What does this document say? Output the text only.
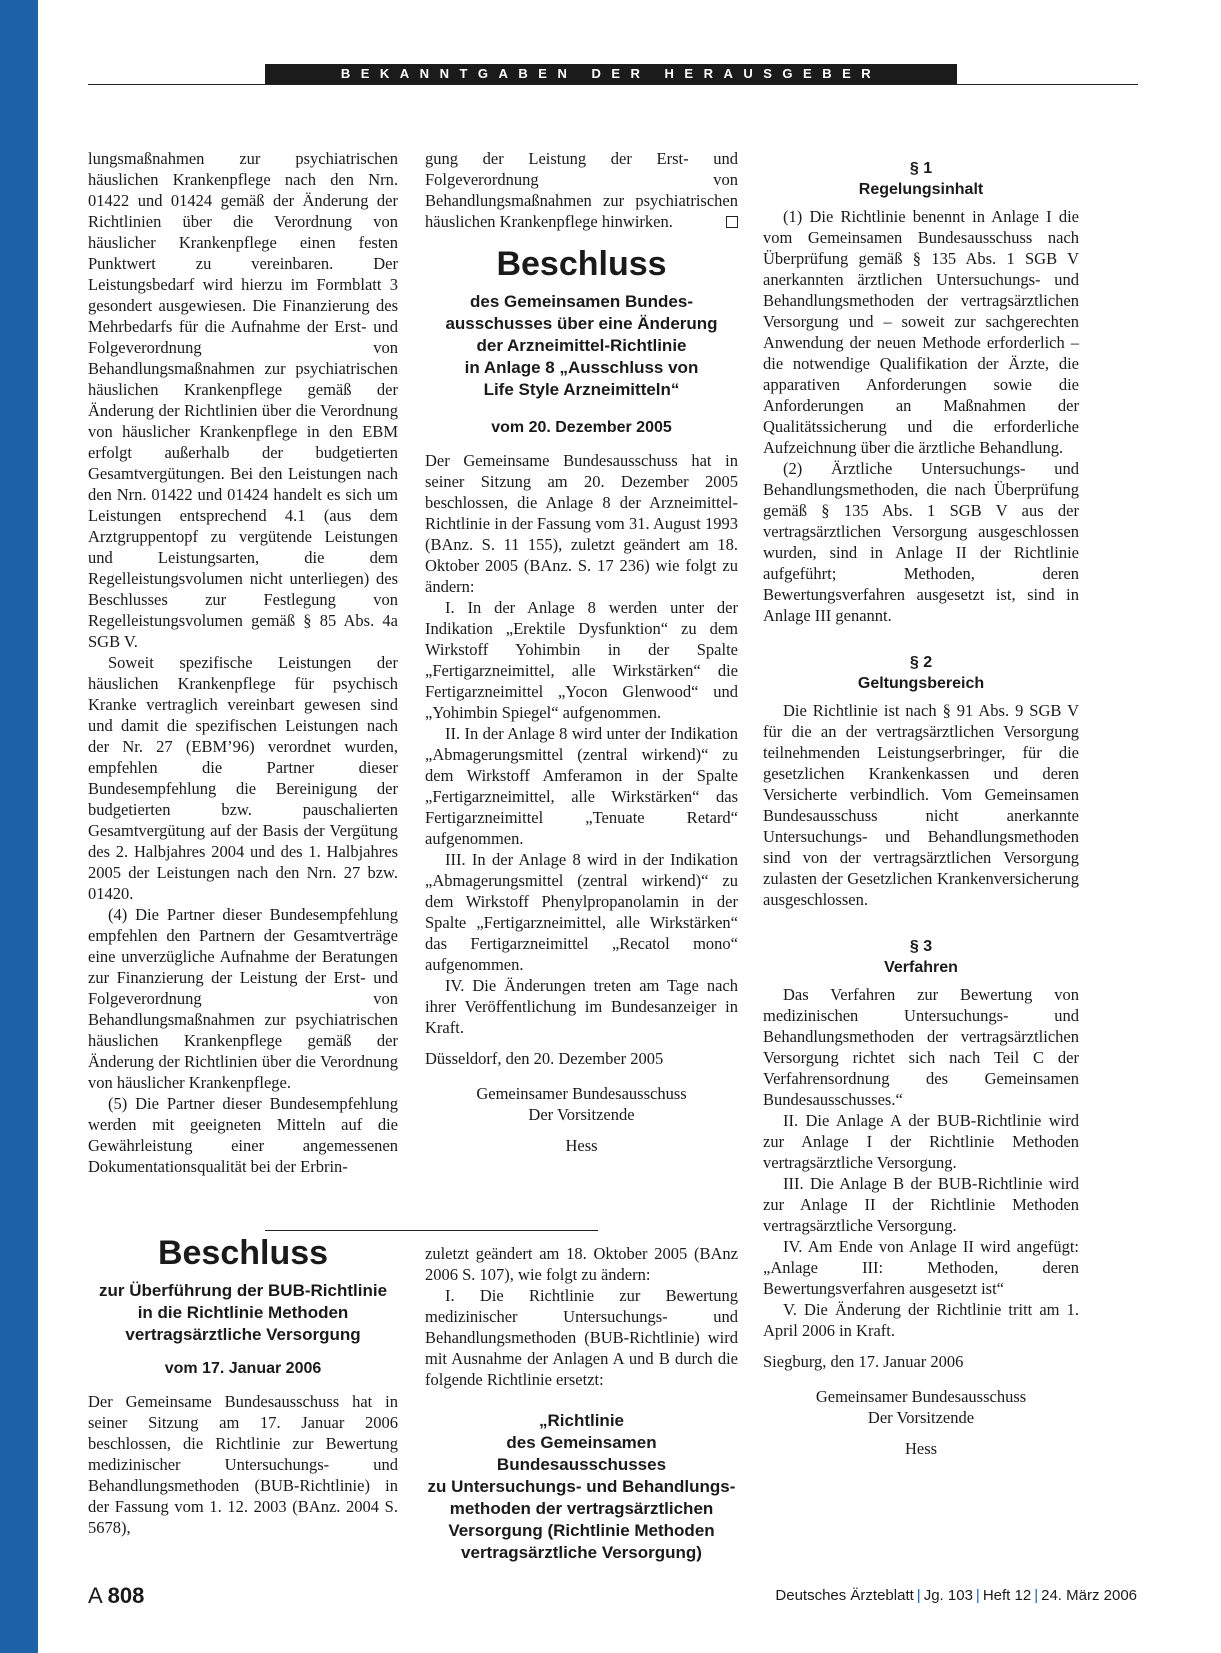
BEKANNTGABEN DER HERAUSGEBER

lungsmaßnahmen zur psychiatrischen häuslichen Krankenpflege nach den Nrn. 01422 und 01424 gemäß der Änderung der Richtlinien über die Verordnung von häuslicher Krankenpflege einen festen Punktwert zu vereinbaren. Der Leistungsbedarf wird hierzu im Formblatt 3 gesondert ausgewiesen. Die Finanzierung des Mehrbedarfs für die Aufnahme der Erst- und Folgeverordnung von Behandlungsmaßnahmen zur psychiatrischen häuslichen Krankenpflege gemäß der Änderung der Richtlinien über die Verordnung von häuslicher Krankenpflege in den EBM erfolgt außerhalb der budgetierten Gesamtvergütungen. Bei den Leistungen nach den Nrn. 01422 und 01424 handelt es sich um Leistungen entsprechend 4.1 (aus dem Arztgruppentopf zu vergütende Leistungen und Leistungsarten, die dem Regelleistungsvolumen nicht unterliegen) des Beschlusses zur Festlegung von Regelleistungsvolumen gemäß § 85 Abs. 4a SGB V.

Soweit spezifische Leistungen der häuslichen Krankenpflege für psychisch Kranke vertraglich vereinbart gewesen sind und damit die spezifischen Leistungen nach der Nr. 27 (EBM’96) verordnet wurden, empfehlen die Partner dieser Bundesempfehlung die Bereinigung der budgetierten bzw. pauschalierten Gesamtvergütung auf der Basis der Vergütung des 2. Halbjahres 2004 und des 1. Halbjahres 2005 der Leistungen nach den Nrn. 27 bzw. 01420.

(4) Die Partner dieser Bundesempfehlung empfehlen den Partnern der Gesamtverträge eine unverzügliche Aufnahme der Beratungen zur Finanzierung der Leistung der Erst- und Folgeverordnung von Behandlungsmaßnahmen zur psychiatrischen häuslichen Krankenpflege gemäß der Änderung der Richtlinien über die Verordnung von häuslicher Krankenpflege.

(5) Die Partner dieser Bundesempfehlung werden mit geeigneten Mitteln auf die Gewährleistung einer angemessenen Dokumentationsqualität bei der Erbrin-

gung der Leistung der Erst- und Folgeverordnung von Behandlungsmaßnahmen zur psychiatrischen häuslichen Krankenpflege hinwirken.

Beschluss

des Gemeinsamen Bundes-

ausschusses über eine Änderung

der Arzneimittel-Richtlinie

in Anlage 8 „Ausschluss von

Life Style Arzneimitteln“

vom 20. Dezember 2005

Der Gemeinsame Bundesausschuss hat in seiner Sitzung am 20. Dezember 2005 beschlossen, die Anlage 8 der Arzneimittel-Richtlinie in der Fassung vom 31. August 1993 (BAnz. S. 11 155), zuletzt geändert am 18. Oktober 2005 (BAnz. S. 17 236) wie folgt zu ändern:

I. In der Anlage 8 werden unter der Indikation „Erektile Dysfunktion“ zu dem Wirkstoff Yohimbin in der Spalte „Fertigarzneimittel, alle Wirkstärken“ die Fertigarzneimittel „Yocon Glenwood“ und „Yohimbin Spiegel“ aufgenommen.

II. In der Anlage 8 wird unter der Indikation „Abmagerungsmittel (zentral wirkend)“ zu dem Wirkstoff Amferamon in der Spalte „Fertigarzneimittel, alle Wirkstärken“ das Fertigarzneimittel „Tenuate Retard“ aufgenommen.

III. In der Anlage 8 wird in der Indikation „Abmagerungsmittel (zentral wirkend)“ zu dem Wirkstoff Phenylpropanolamin in der Spalte „Fertigarzneimittel, alle Wirkstärken“ das Fertigarzneimittel „Recatol mono“ aufgenommen.

IV. Die Änderungen treten am Tage nach ihrer Veröffentlichung im Bundesanzeiger in Kraft.

Düsseldorf, den 20. Dezember 2005

Gemeinsamer Bundesausschuss

Der Vorsitzende

Hess

§ 1

Regelungsinhalt

(1) Die Richtlinie benennt in Anlage I die vom Gemeinsamen Bundesausschuss nach Überprüfung gemäß § 135 Abs. 1 SGB V anerkannten ärztlichen Untersuchungs- und Behandlungsmethoden der vertragsärztlichen Versorgung und – soweit zur sachgerechten Anwendung der neuen Methode erforderlich – die notwendige Qualifikation der Ärzte, die apparativen Anforderungen sowie die Anforderungen an Maßnahmen der Qualitätssicherung und die erforderliche Aufzeichnung über die ärztliche Behandlung.

(2) Ärztliche Untersuchungs- und Behandlungsmethoden, die nach Überprüfung gemäß § 135 Abs. 1 SGB V aus der vertragsärztlichen Versorgung ausgeschlossen wurden, sind in Anlage II der Richtlinie aufgeführt; Methoden, deren Bewertungsverfahren ausgesetzt ist, sind in Anlage III genannt.

§ 2

Geltungsbereich

Die Richtlinie ist nach § 91 Abs. 9 SGB V für die an der vertragsärztlichen Versorgung teilnehmenden Leistungserbringer, für die gesetzlichen Krankenkassen und deren Versicherte verbindlich. Vom Gemeinsamen Bundesausschuss nicht anerkannte Untersuchungs- und Behandlungsmethoden sind von der vertragsärztlichen Versorgung zulasten der Gesetzlichen Krankenversicherung ausgeschlossen.

§ 3

Verfahren

Das Verfahren zur Bewertung von medizinischen Untersuchungs- und Behandlungsmethoden der vertragsärztlichen Versorgung richtet sich nach Teil C der Verfahrensordnung des Gemeinsamen Bundesausschusses.“

II. Die Anlage A der BUB-Richtlinie wird zur Anlage I der Richtlinie Methoden vertragsärztliche Versorgung.

III. Die Anlage B der BUB-Richtlinie wird zur Anlage II der Richtlinie Methoden vertragsärztliche Versorgung.

IV. Am Ende von Anlage II wird angefügt: „Anlage III: Methoden, deren Bewertungsverfahren ausgesetzt ist“

V. Die Änderung der Richtlinie tritt am 1. April 2006 in Kraft.

Siegburg, den 17. Januar 2006

Gemeinsamer Bundesausschuss

Der Vorsitzende

Hess

Beschluss

zur Überführung der BUB-Richtlinie

in die Richtlinie Methoden

vertragsärztliche Versorgung

vom 17. Januar 2006

Der Gemeinsame Bundesausschuss hat in seiner Sitzung am 17. Januar 2006 beschlossen, die Richtlinie zur Bewertung medizinischer Untersuchungs- und Behandlungsmethoden (BUB-Richtlinie) in der Fassung vom 1. 12. 2003 (BAnz. 2004 S. 5678),

zuletzt geändert am 18. Oktober 2005 (BAnz 2006 S. 107), wie folgt zu ändern:

I. Die Richtlinie zur Bewertung medizinischer Untersuchungs- und Behandlungsmethoden (BUB-Richtlinie) wird mit Ausnahme der Anlagen A und B durch die folgende Richtlinie ersetzt:

„Richtlinie

des Gemeinsamen Bundesausschusses

zu Untersuchungs- und Behandlungs-

methoden der vertragsärztlichen

Versorgung (Richtlinie Methoden

vertragsärztliche Versorgung)

A 808	Deutsches Ärzteblatt | Jg. 103 | Heft 12 | 24. März 2006
